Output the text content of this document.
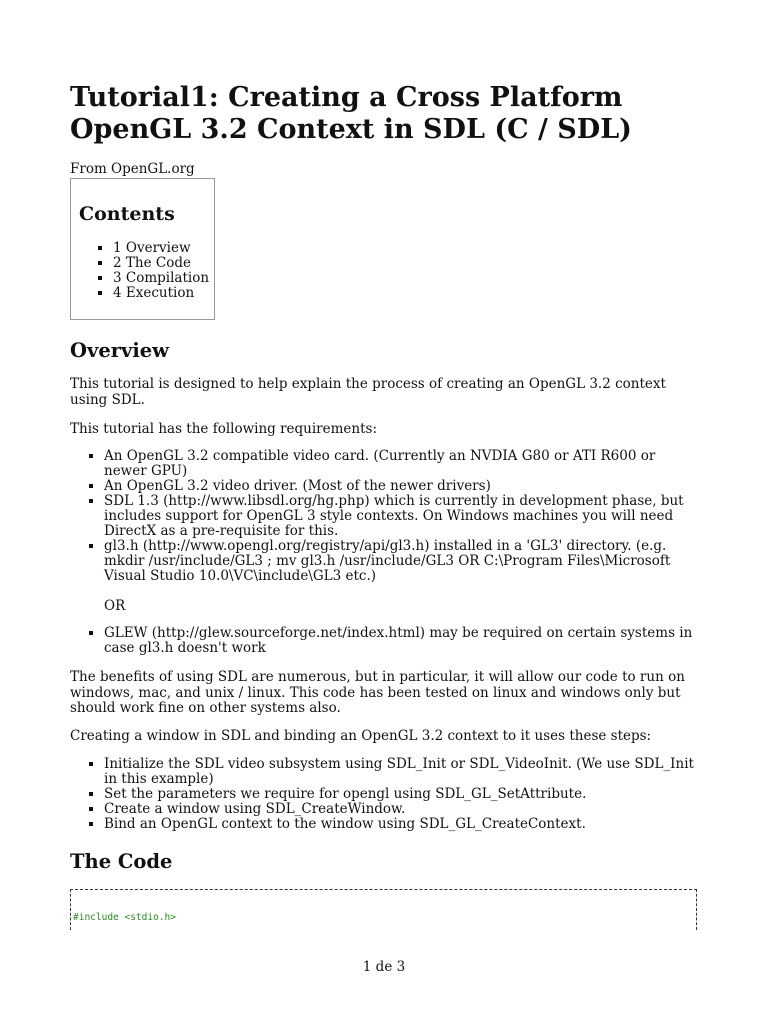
Tutorial1: Creating a Cross Platform OpenGL 3.2 Context in SDL (C / SDL)
From OpenGL.org
Contents
▪ 1 Overview
▪ 2 The Code
▪ 3 Compilation
▪ 4 Execution
Overview

This tutorial is designed to help explain the process of creating an OpenGL 3.2 context using SDL.

This tutorial has the following requirements:

▪ An OpenGL 3.2 compatible video card. (Currently an NVDIA G80 or ATI R600 or newer GPU)
▪ An OpenGL 3.2 video driver. (Most of the newer drivers)
▪ SDL 1.3 (http://www.libsdl.org/hg.php) which is currently in development phase, but includes support for OpenGL 3 style contexts. On Windows machines you will need DirectX as a pre-requisite for this.
▪ gl3.h (http://www.opengl.org/registry/api/gl3.h) installed in a 'GL3' directory. (e.g. mkdir /usr/include/GL3 ; mv gl3.h /usr/include/GL3 OR C:\Program Files\Microsoft Visual Studio 10.0\VC\include\GL3 etc.)

OR

▪ GLEW (http://glew.sourceforge.net/index.html) may be required on certain systems in case gl3.h doesn't work

The benefits of using SDL are numerous, but in particular, it will allow our code to run on windows, mac, and unix / linux. This code has been tested on linux and windows only but should work fine on other systems also.

Creating a window in SDL and binding an OpenGL 3.2 context to it uses these steps:

▪ Initialize the SDL video subsystem using SDL_Init or SDL_VideoInit. (We use SDL_Init in this example)
▪ Set the parameters we require for opengl using SDL_GL_SetAttribute.
▪ Create a window using SDL_CreateWindow.
▪ Bind an OpenGL context to the window using SDL_GL_CreateContext.
The Code
#include <stdio.h>
1 de 3
